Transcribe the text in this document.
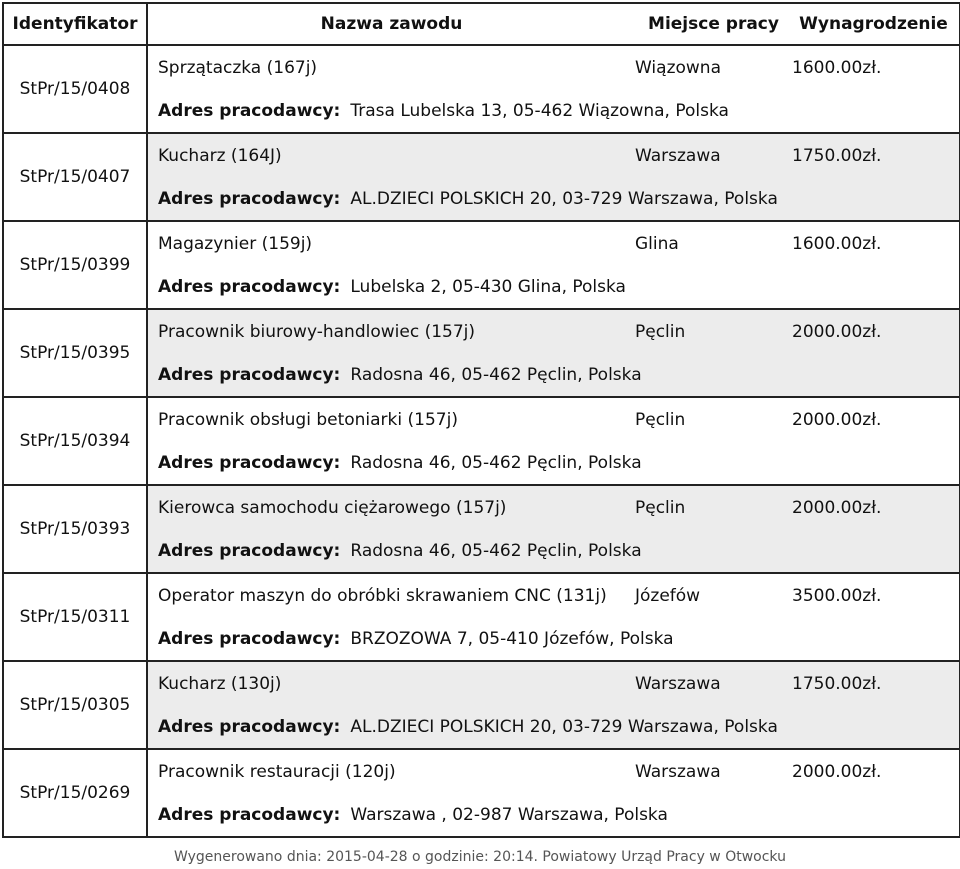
Identyfikator	Nazwa zawodu	Miejsce pracy	Wynagrodzenie
StPr/15/0408
Sprzątaczka (167j)	Wiązowna	1600.00zł.
Adres pracodawcy: Trasa Lubelska 13, 05-462 Wiązowna, Polska
StPr/15/0407
Kucharz (164J)	Warszawa	1750.00zł.
Adres pracodawcy: AL.DZIECI POLSKICH 20, 03-729 Warszawa, Polska
StPr/15/0399
Magazynier (159j)	Glina	1600.00zł.
Adres pracodawcy: Lubelska 2, 05-430 Glina, Polska
StPr/15/0395
Pracownik biurowy-handlowiec (157j)	Pęclin	2000.00zł.
Adres pracodawcy: Radosna 46, 05-462 Pęclin, Polska
StPr/15/0394
Pracownik obsługi betoniarki (157j)	Pęclin	2000.00zł.
Adres pracodawcy: Radosna 46, 05-462 Pęclin, Polska
StPr/15/0393
Kierowca samochodu ciężarowego (157j)	Pęclin	2000.00zł.
Adres pracodawcy: Radosna 46, 05-462 Pęclin, Polska
StPr/15/0311
Operator maszyn do obróbki skrawaniem CNC (131j)	Józefów	3500.00zł.
Adres pracodawcy: BRZOZOWA 7, 05-410 Józefów, Polska
StPr/15/0305
Kucharz (130j)	Warszawa	1750.00zł.
Adres pracodawcy: AL.DZIECI POLSKICH 20, 03-729 Warszawa, Polska
StPr/15/0269
Pracownik restauracji (120j)	Warszawa	2000.00zł.
Adres pracodawcy: Warszawa , 02-987 Warszawa, Polska
Wygenerowano dnia: 2015-04-28 o godzinie: 20:14. Powiatowy Urząd Pracy w Otwocku
